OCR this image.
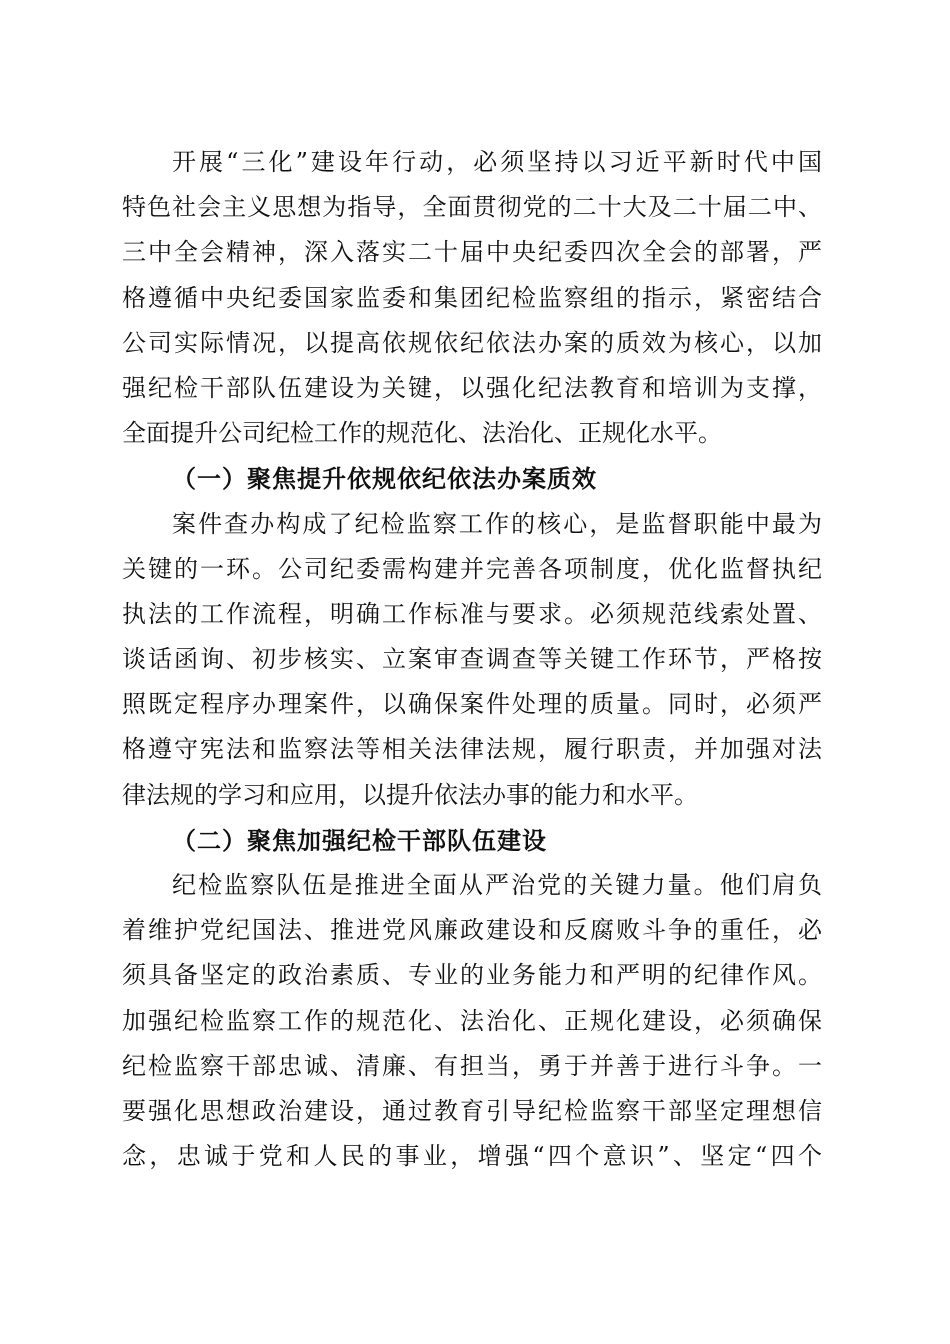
开展“三化”建设年行动，必须坚持以习近平新时代中国
特色社会主义思想为指导，全面贯彻党的二十大及二十届二中、
三中全会精神，深入落实二十届中央纪委四次全会的部署，严
格遵循中央纪委国家监委和集团纪检监察组的指示，紧密结合
公司实际情况，以提高依规依纪依法办案的质效为核心，以加
强纪检干部队伍建设为关键，以强化纪法教育和培训为支撑，
全面提升公司纪检工作的规范化、法治化、正规化水平。
（一）聚焦提升依规依纪依法办案质效
案件查办构成了纪检监察工作的核心，是监督职能中最为
关键的一环。公司纪委需构建并完善各项制度，优化监督执纪
执法的工作流程，明确工作标准与要求。必须规范线索处置、
谈话函询、初步核实、立案审查调查等关键工作环节，严格按
照既定程序办理案件，以确保案件处理的质量。同时，必须严
格遵守宪法和监察法等相关法律法规，履行职责，并加强对法
律法规的学习和应用，以提升依法办事的能力和水平。
（二）聚焦加强纪检干部队伍建设
纪检监察队伍是推进全面从严治党的关键力量。他们肩负
着维护党纪国法、推进党风廉政建设和反腐败斗争的重任，必
须具备坚定的政治素质、专业的业务能力和严明的纪律作风。
加强纪检监察工作的规范化、法治化、正规化建设，必须确保
纪检监察干部忠诚、清廉、有担当，勇于并善于进行斗争。一
要强化思想政治建设，通过教育引导纪检监察干部坚定理想信
念，忠诚于党和人民的事业，增强“四个意识”、坚定“四个
